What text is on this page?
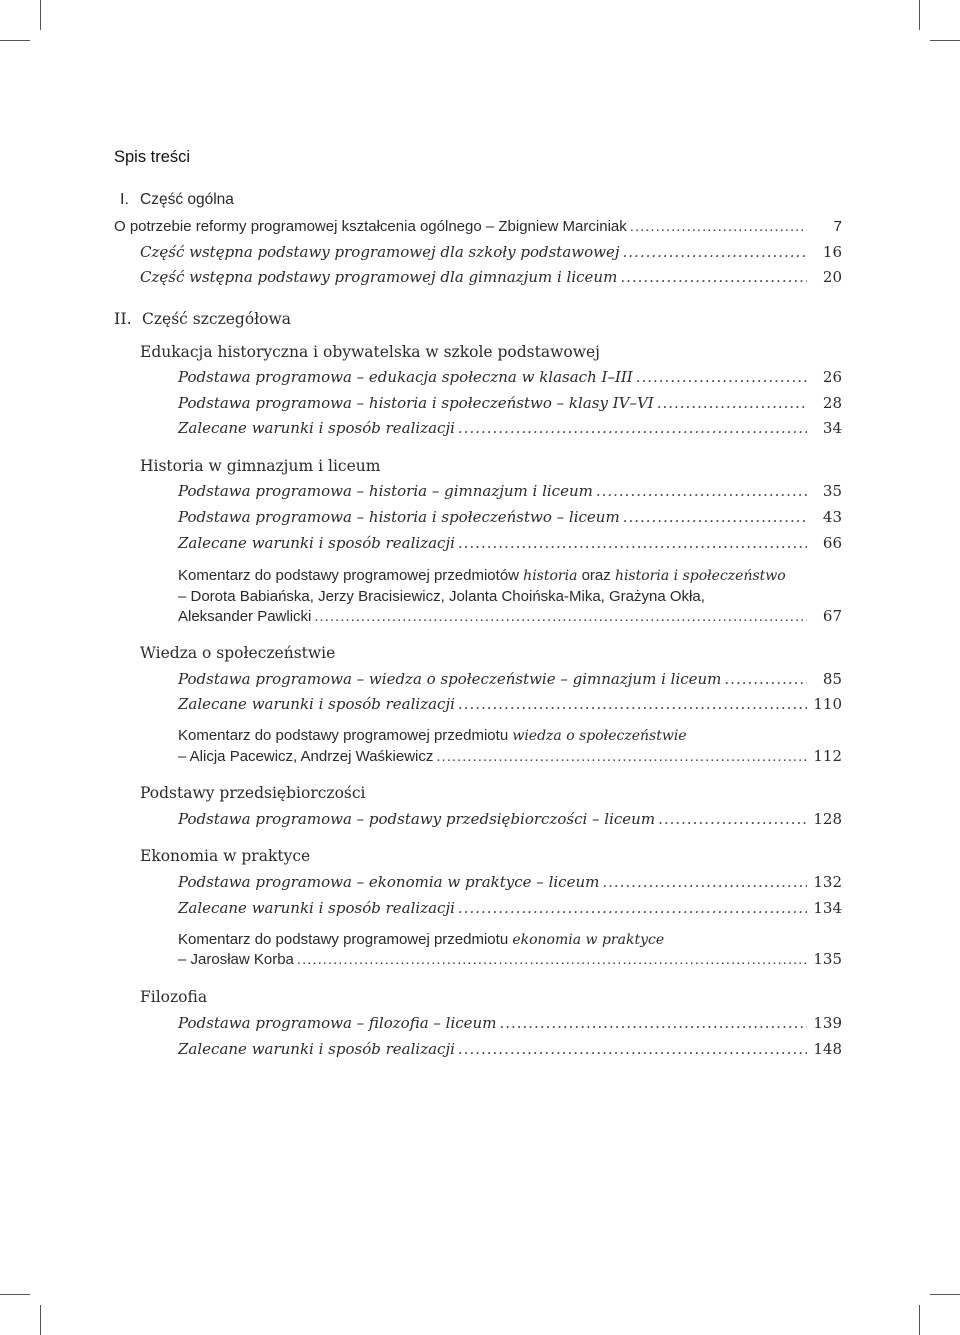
Spis treści
I. Część ogólna
O potrzebie reformy programowej kształcenia ogólnego – Zbigniew Marciniak .....	7
Część wstępna podstawy programowej dla szkoły podstawowej .....	16
Część wstępna podstawy programowej dla gimnazjum i liceum .....	20
II. Część szczegółowa
Edukacja historyczna i obywatelska w szkole podstawowej
Podstawa programowa – edukacja społeczna w klasach I–III .....	26
Podstawa programowa – historia i społeczeństwo – klasy IV–VI .....	28
Zalecane warunki i sposób realizacji .....	34
Historia w gimnazjum i liceum
Podstawa programowa – historia – gimnazjum i liceum .....	35
Podstawa programowa – historia i społeczeństwo – liceum .....	43
Zalecane warunki i sposób realizacji .....	66
Komentarz do podstawy programowej przedmiotów historia oraz historia i społeczeństwo
– Dorota Babiańska, Jerzy Bracisiewicz, Jolanta Choińska-Mika, Grażyna Okła,
Aleksander Pawlicki .....	67
Wiedza o społeczeństwie
Podstawa programowa – wiedza o społeczeństwie – gimnazjum i liceum .....	85
Zalecane warunki i sposób realizacji .....	110
Komentarz do podstawy programowej przedmiotu wiedza o społeczeństwie
– Alicja Pacewicz, Andrzej Waśkiewicz .....	112
Podstawy przedsiębiorczości
Podstawa programowa – podstawy przedsiębiorczości – liceum .....	128
Ekonomia w praktyce
Podstawa programowa – ekonomia w praktyce – liceum .....	132
Zalecane warunki i sposób realizacji .....	134
Komentarz do podstawy programowej przedmiotu ekonomia w praktyce
– Jarosław Korba .....	135
Filozofia
Podstawa programowa – filozofia – liceum .....	139
Zalecane warunki i sposób realizacji .....	148
